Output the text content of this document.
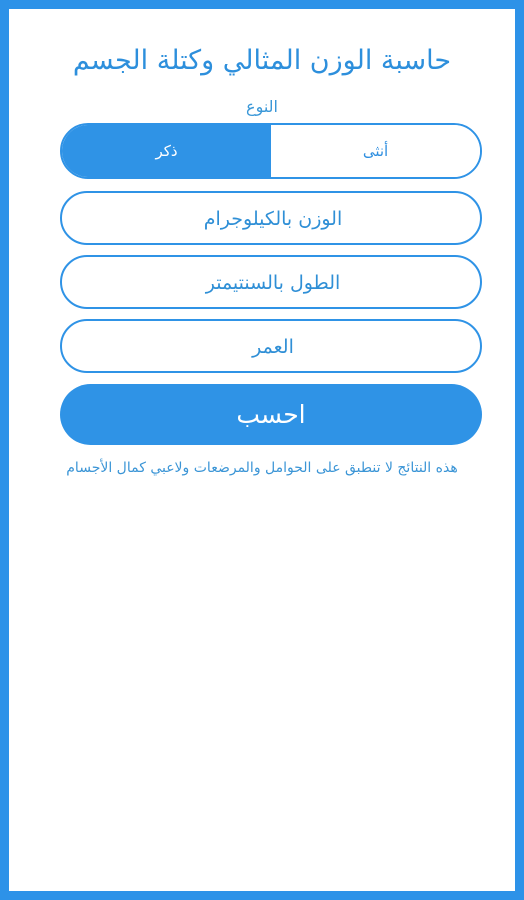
حاسبة الوزن المثالي وكتلة الجسم
النوع
ذكر	أنثى
الوزن بالكيلوجرام
الطول بالسنتيمتر
العمر
احسب
هذه النتائج لا تنطبق على الحوامل والمرضعات ولاعبي كمال الأجسام
